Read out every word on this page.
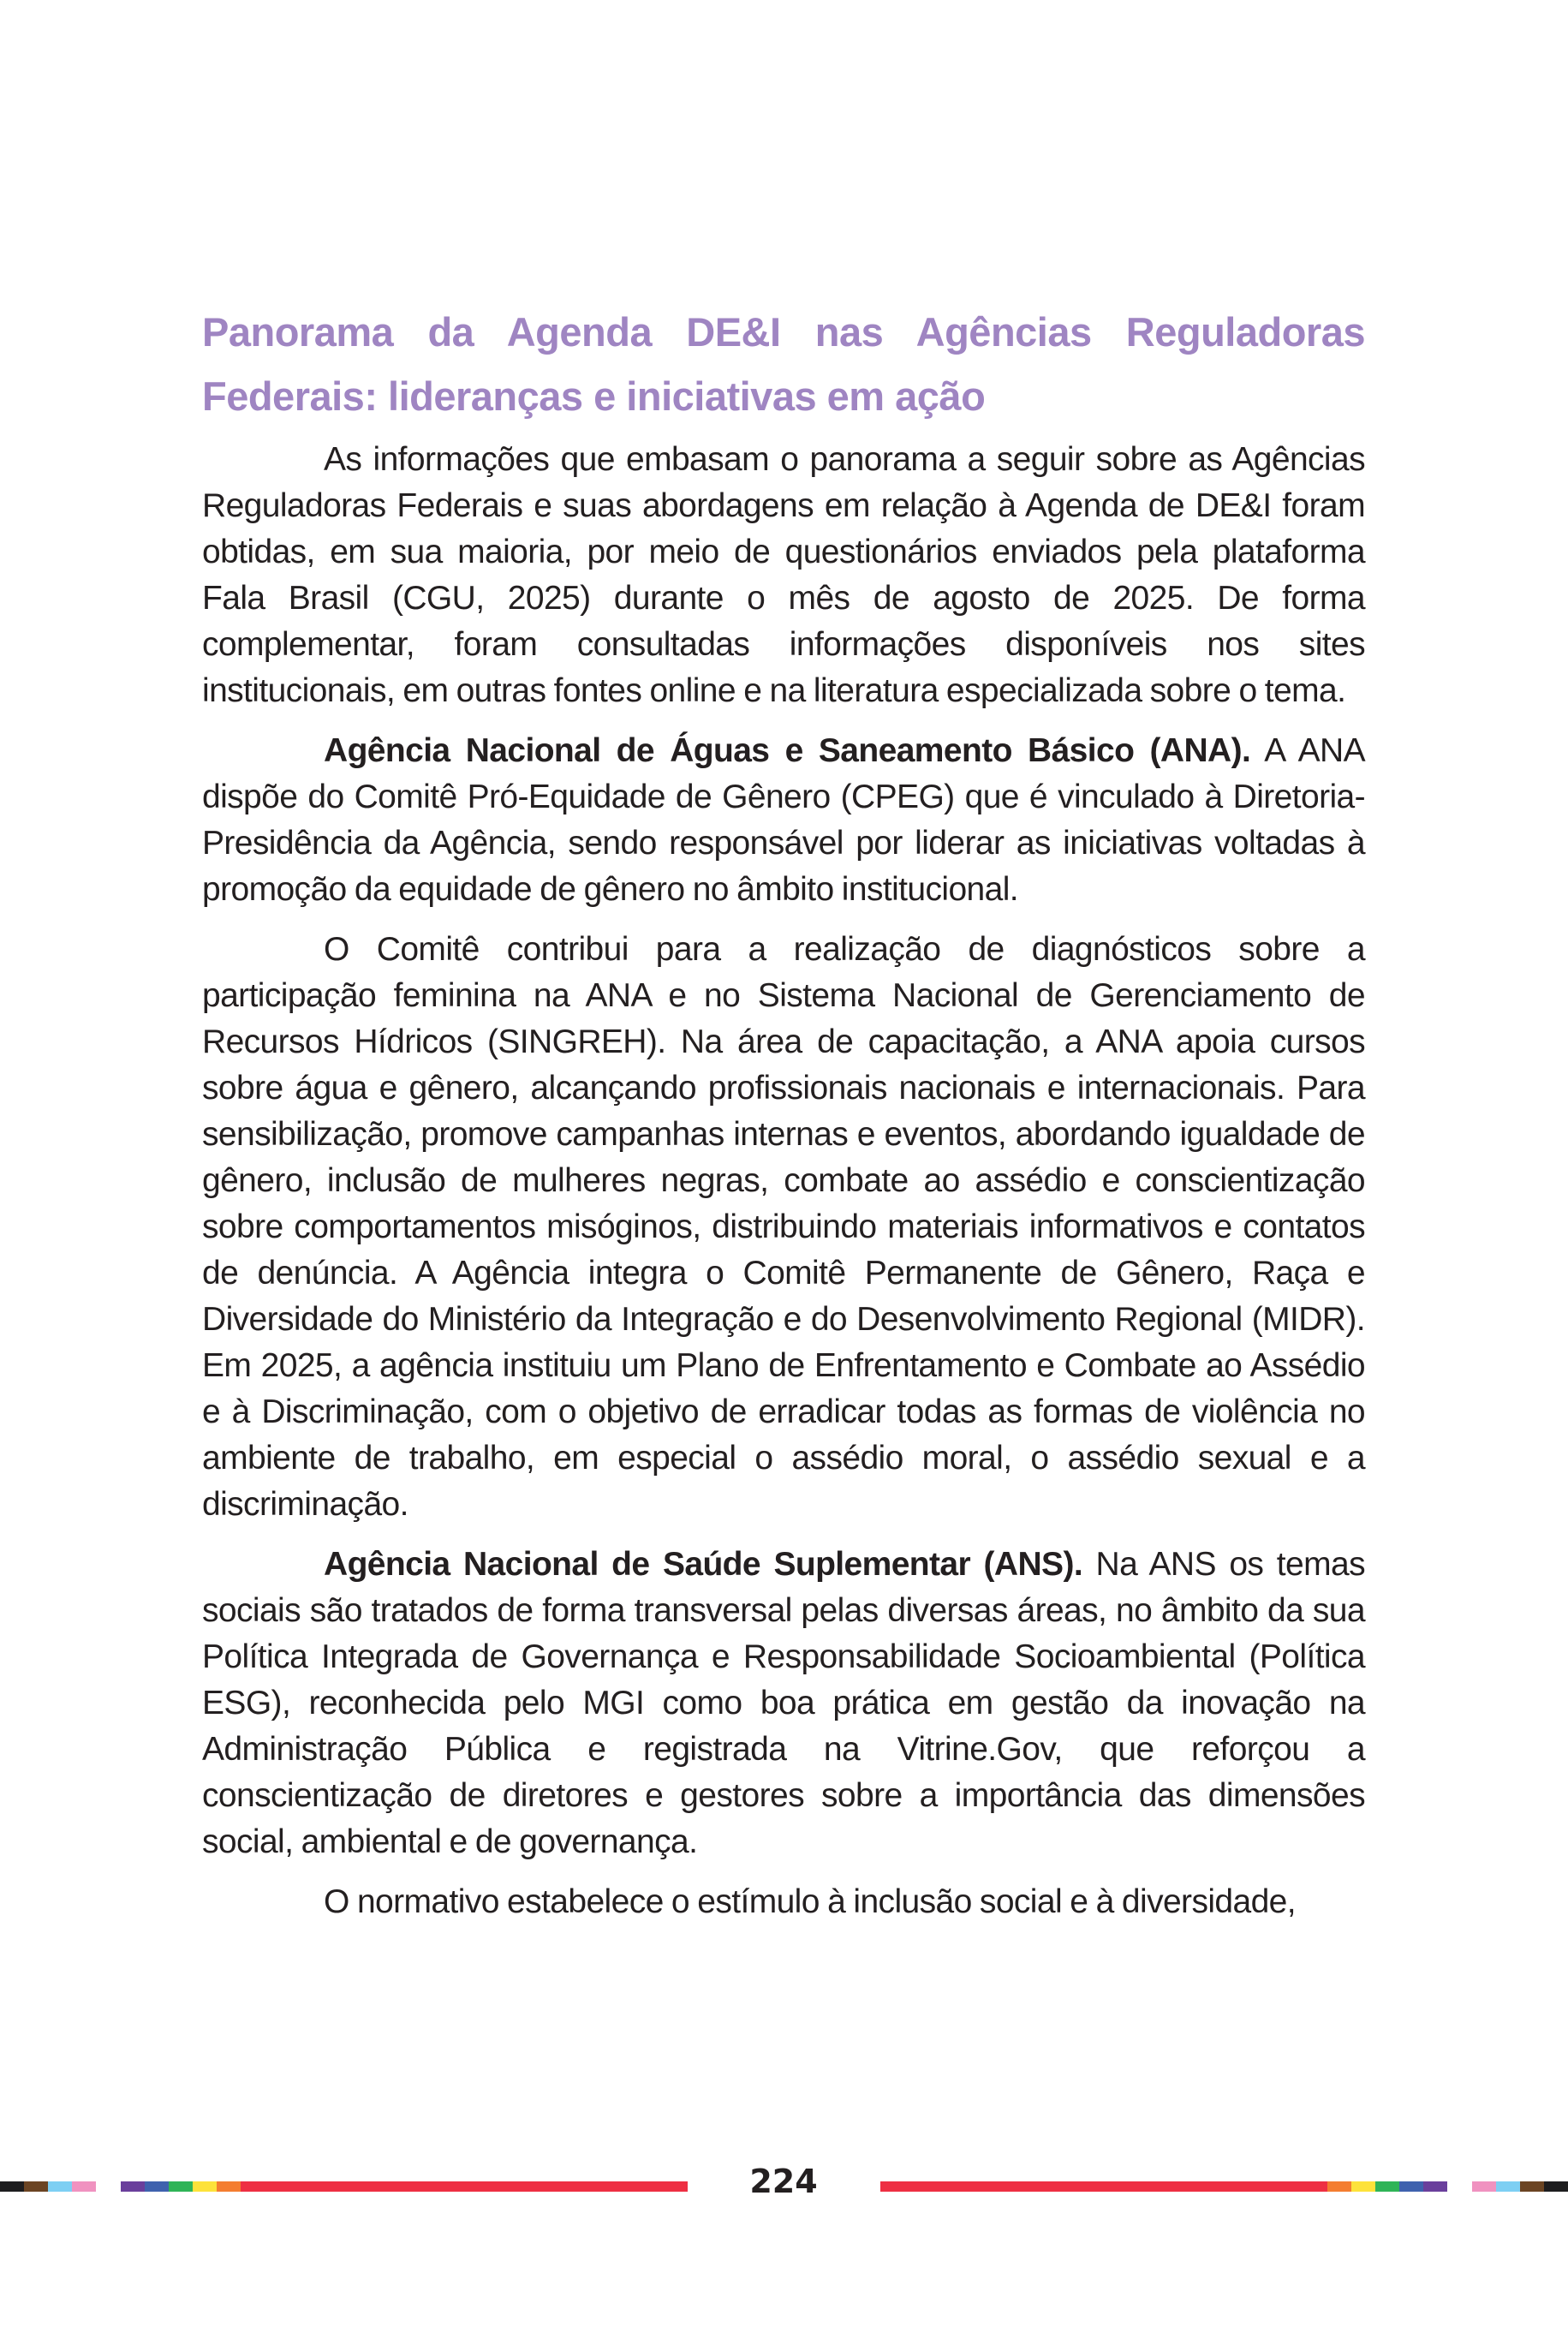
Panorama da Agenda DE&I nas Agências Reguladoras Federais: lideranças e iniciativas em ação

As informações que embasam o panorama a seguir sobre as Agências Reguladoras Federais e suas abordagens em relação à Agenda de DE&I foram obtidas, em sua maioria, por meio de questionários enviados pela plataforma Fala Brasil (CGU, 2025) durante o mês de agosto de 2025. De forma complementar, foram consultadas informações disponíveis nos sites institucionais, em outras fontes online e na literatura especializada sobre o tema.

Agência Nacional de Águas e Saneamento Básico (ANA). A ANA dispõe do Comitê Pró-Equidade de Gênero (CPEG) que é vinculado à Diretoria-Presidência da Agência, sendo responsável por liderar as iniciativas voltadas à promoção da equidade de gênero no âmbito institucional.

O Comitê contribui para a realização de diagnósticos sobre a participação feminina na ANA e no Sistema Nacional de Gerenciamento de Recursos Hídricos (SINGREH). Na área de capacitação, a ANA apoia cursos sobre água e gênero, alcançando profissionais nacionais e internacionais. Para sensibilização, promove campanhas internas e eventos, abordando igualdade de gênero, inclusão de mulheres negras, combate ao assédio e conscientização sobre comportamentos misóginos, distribuindo materiais informativos e contatos de denúncia. A Agência integra o Comitê Permanente de Gênero, Raça e Diversidade do Ministério da Integração e do Desenvolvimento Regional (MIDR). Em 2025, a agência instituiu um Plano de Enfrentamento e Combate ao Assédio e à Discriminação, com o objetivo de erradicar todas as formas de violência no ambiente de trabalho, em especial o assédio moral, o assédio sexual e a discriminação.

Agência Nacional de Saúde Suplementar (ANS). Na ANS os temas sociais são tratados de forma transversal pelas diversas áreas, no âmbito da sua Política Integrada de Governança e Responsabilidade Socioambiental (Política ESG), reconhecida pelo MGI como boa prática em gestão da inovação na Administração Pública e registrada na Vitrine.Gov, que reforçou a conscientização de diretores e gestores sobre a importância das dimensões social, ambiental e de governança.

O normativo estabelece o estímulo à inclusão social e à diversidade,

224
